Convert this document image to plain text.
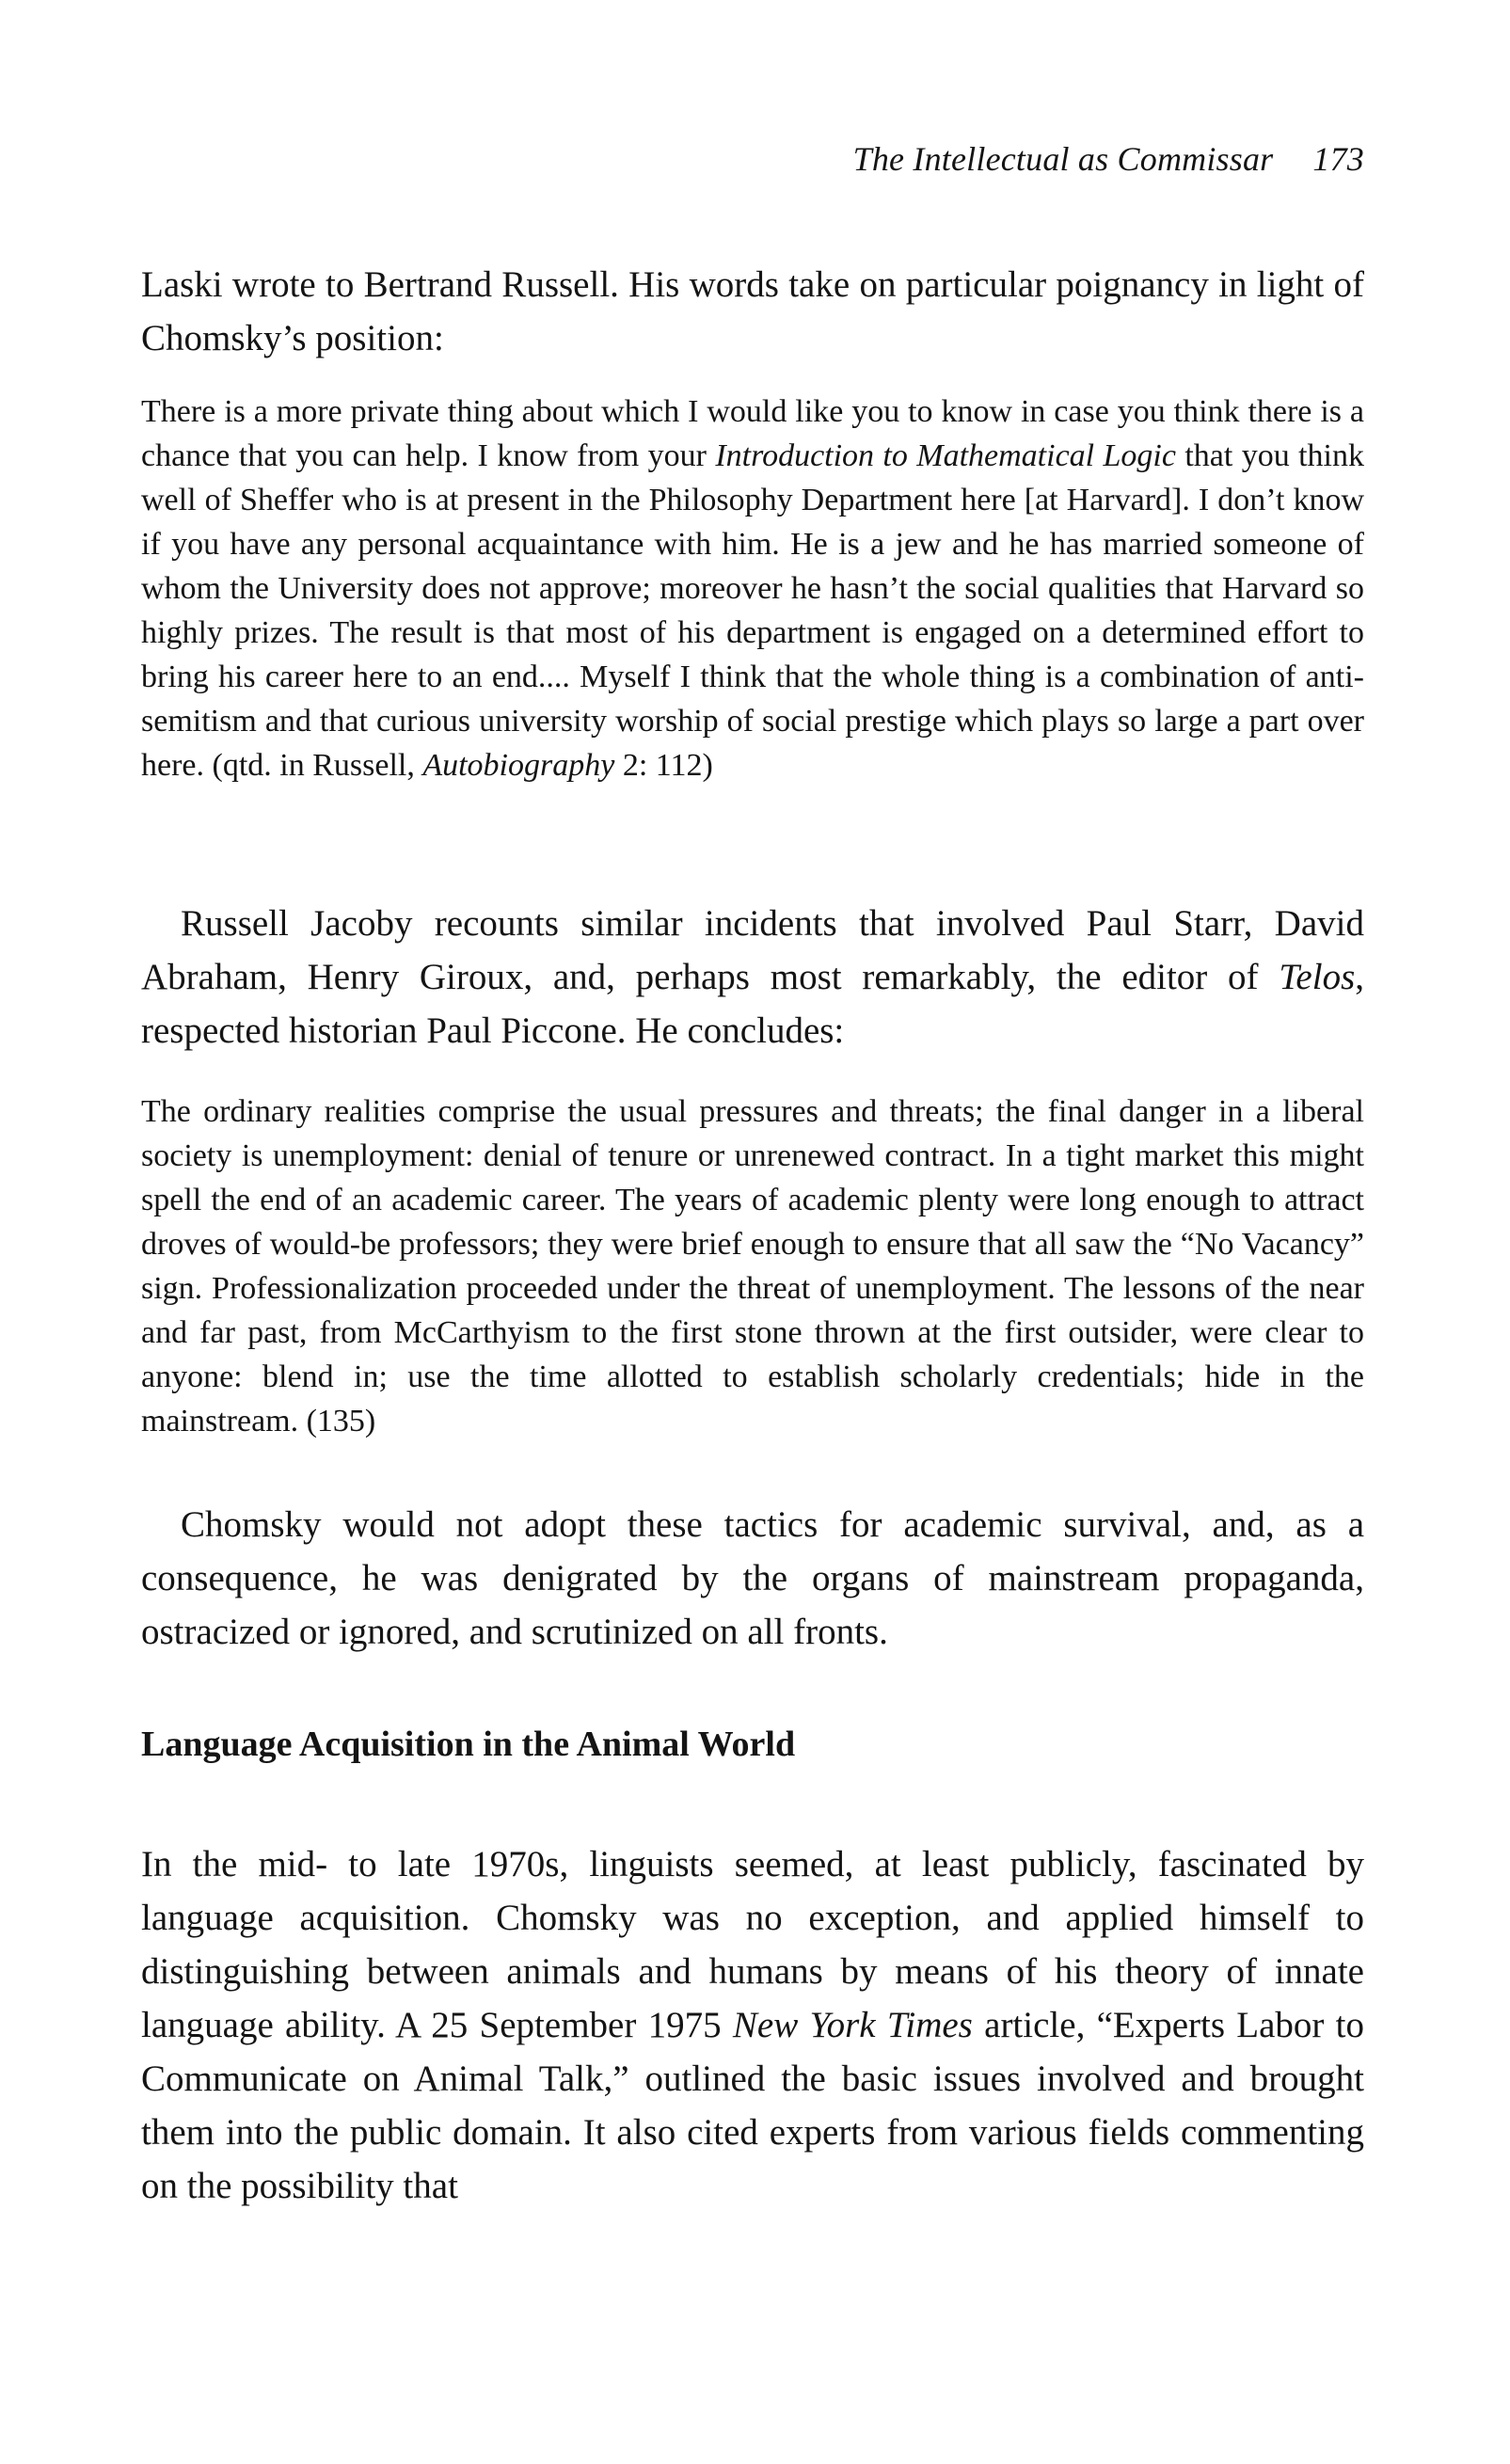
The Intellectual as Commissar 173

Laski wrote to Bertrand Russell. His words take on particular poignancy in light of Chomsky’s position:

There is a more private thing about which I would like you to know in case you think there is a chance that you can help. I know from your Introduction to Mathematical Logic that you think well of Sheffer who is at present in the Philosophy Department here [at Harvard]. I don’t know if you have any personal acquaintance with him. He is a jew and he has married someone of whom the University does not approve; moreover he hasn’t the social qualities that Harvard so highly prizes. The result is that most of his department is engaged on a determined effort to bring his career here to an end.... Myself I think that the whole thing is a combination of anti-semitism and that curious university worship of social prestige which plays so large a part over here. (qtd. in Russell, Autobiography 2: 112)

Russell Jacoby recounts similar incidents that involved Paul Starr, David Abraham, Henry Giroux, and, perhaps most remarkably, the editor of Telos, respected historian Paul Piccone. He concludes:

The ordinary realities comprise the usual pressures and threats; the final danger in a liberal society is unemployment: denial of tenure or unrenewed contract. In a tight market this might spell the end of an academic career. The years of academic plenty were long enough to attract droves of would-be professors; they were brief enough to ensure that all saw the “No Vacancy” sign. Professionalization proceeded under the threat of unemployment. The lessons of the near and far past, from McCarthyism to the first stone thrown at the first outsider, were clear to anyone: blend in; use the time allotted to establish scholarly credentials; hide in the mainstream. (135)

Chomsky would not adopt these tactics for academic survival, and, as a consequence, he was denigrated by the organs of mainstream propaganda, ostracized or ignored, and scrutinized on all fronts.

Language Acquisition in the Animal World

In the mid- to late 1970s, linguists seemed, at least publicly, fascinated by language acquisition. Chomsky was no exception, and applied himself to distinguishing between animals and humans by means of his theory of innate language ability. A 25 September 1975 New York Times article, “Experts Labor to Communicate on Animal Talk,” outlined the basic issues involved and brought them into the public domain. It also cited experts from various fields commenting on the possibility that
